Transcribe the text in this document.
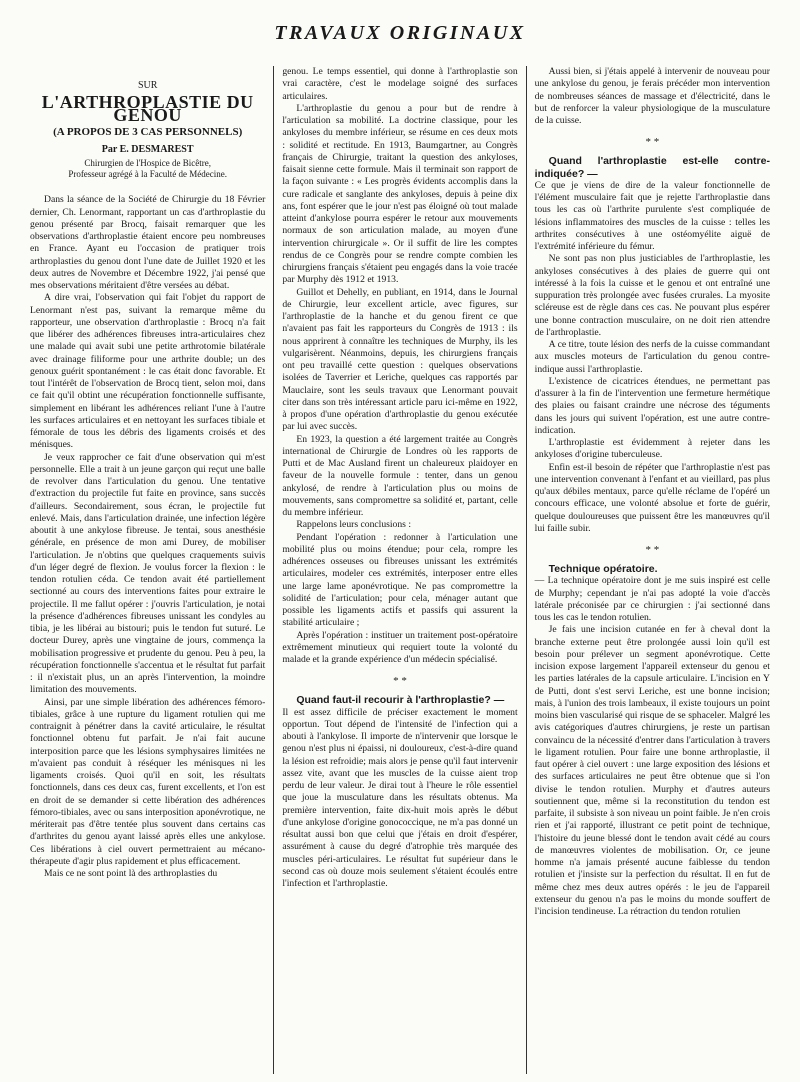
TRAVAUX ORIGINAUX
SUR
L'ARTHROPLASTIE DU GENOU
(A PROPOS DE 3 CAS PERSONNELS)
Par E. DESMAREST
Chirurgien de l'Hospice de Bicêtre,
Professeur agrégé à la Faculté de Médecine.

Dans la séance de la Société de Chirurgie du 18 Février dernier, Ch. Lenormant, rapportant un cas d'arthroplastie du genou présenté par Brocq, faisait remarquer que les observations d'arthroplastie étaient encore peu nombreuses en France. Ayant eu l'occasion de pratiquer trois arthroplasties du genou dont l'une date de Juillet 1920 et les deux autres de Novembre et Décembre 1922, j'ai pensé que mes observations méritaient d'être versées au débat.

A dire vrai, l'observation qui fait l'objet du rapport de Lenormant n'est pas, suivant la remarque même du rapporteur, une observation d'arthroplastie : Brocq n'a fait que libérer des adhérences fibreuses intra-articulaires chez une malade qui avait subi une petite arthrotomie bilatérale avec drainage filiforme pour une arthrite double; un des genoux guérit spontanément : le cas était donc favorable. Et tout l'intérêt de l'observation de Brocq tient, selon moi, dans ce fait qu'il obtint une récupération fonctionnelle suffisante, simplement en libérant les adhérences reliant l'une à l'autre les surfaces articulaires et en nettoyant les surfaces tibiale et fémorale de tous les débris des ligaments croisés et des ménisques.

Je veux rapprocher ce fait d'une observation qui m'est personnelle. Elle a trait à un jeune garçon qui reçut une balle de revolver dans l'articulation du genou. Une tentative d'extraction du projectile fut faite en province, sans succès d'ailleurs. Secondairement, sous écran, le projectile fut enlevé. Mais, dans l'articulation drainée, une infection légère aboutit à une ankylose fibreuse. Je tentai, sous anesthésie générale, en présence de mon ami Durey, de mobiliser l'articulation. Je n'obtins que quelques craquements suivis d'un léger degré de flexion. Je voulus forcer la flexion : le tendon rotulien céda. Ce tendon avait été partiellement sectionné au cours des interventions faites pour extraire le projectile. Il me fallut opérer : j'ouvris l'articulation, je notai la présence d'adhérences fibreuses unissant les condyles au tibia, je les libérai au bistouri; puis le tendon fut suturé. Le docteur Durey, après une vingtaine de jours, commença la mobilisation progressive et prudente du genou. Peu à peu, la récupération fonctionnelle s'accentua et le résultat fut parfait : il n'existait plus, un an après l'intervention, la moindre limitation des mouvements.

Ainsi, par une simple libération des adhérences fémoro-tibiales, grâce à une rupture du ligament rotulien qui me contraignit à pénétrer dans la cavité articulaire, le résultat fonctionnel obtenu fut parfait. Je n'ai fait aucune interposition parce que les lésions symphysaires limitées ne m'avaient pas conduit à réséquer les ménisques ni les ligaments croisés. Quoi qu'il en soit, les résultats fonctionnels, dans ces deux cas, furent excellents, et l'on est en droit de se demander si cette libération des adhérences fémoro-tibiales, avec ou sans interposition aponévrotique, ne mériterait pas d'être tentée plus souvent dans certains cas d'arthrites du genou ayant laissé après elles une ankylose. Ces libérations à ciel ouvert permettraient au mécano-thérapeute d'agir plus rapidement et plus efficacement.

Mais ce ne sont point là des arthroplasties du

genou. Le temps essentiel, qui donne à l'arthroplastie son vrai caractère, c'est le modelage soigné des surfaces articulaires.

L'arthroplastie du genou a pour but de rendre à l'articulation sa mobilité. La doctrine classique, pour les ankyloses du membre inférieur, se résume en ces deux mots : solidité et rectitude. En 1913, Baumgartner, au Congrès français de Chirurgie, traitant la question des ankyloses, faisait sienne cette formule. Mais il terminait son rapport de la façon suivante : « Les progrès évidents accomplis dans la cure radicale et sanglante des ankyloses, depuis à peine dix ans, font espérer que le jour n'est pas éloigné où tout malade atteint d'ankylose pourra espérer le retour aux mouvements normaux de son articulation malade, au moyen d'une intervention chirurgicale ». Or il suffit de lire les comptes rendus de ce Congrès pour se rendre compte combien les chirurgiens français s'étaient peu engagés dans la voie tracée par Murphy dès 1912 et 1913.

Guillot et Dehelly, en publiant, en 1914, dans le Journal de Chirurgie, leur excellent article, avec figures, sur l'arthroplastie de la hanche et du genou firent ce que n'avaient pas fait les rapporteurs du Congrès de 1913 : ils nous apprirent à connaître les techniques de Murphy, ils les vulgarisèrent. Néanmoins, depuis, les chirurgiens français ont peu travaillé cette question : quelques observations isolées de Taverrier et Leriche, quelques cas rapportés par Mauclaire, sont les seuls travaux que Lenormant pouvait citer dans son très intéressant article paru ici-même en 1922, à propos d'une opération d'arthroplastie du genou exécutée par lui avec succès.

En 1923, la question a été largement traitée au Congrès international de Chirurgie de Londres où les rapports de Putti et de Mac Ausland firent un chaleureux plaidoyer en faveur de la nouvelle formule : tenter, dans un genou ankylosé, de rendre à l'articulation plus ou moins de mouvements, sans compromettre sa solidité et, partant, celle du membre inférieur.

Rappelons leurs conclusions :

Pendant l'opération : redonner à l'articulation une mobilité plus ou moins étendue; pour cela, rompre les adhérences osseuses ou fibreuses unissant les extrémités articulaires, modeler ces extrémités, interposer entre elles une large lame aponévrotique. Ne pas compromettre la solidité de l'articulation; pour cela, ménager autant que possible les ligaments actifs et passifs qui assurent la stabilité articulaire ;

Après l'opération : instituer un traitement post-opératoire extrêmement minutieux qui requiert toute la volonté du malade et la grande expérience d'un médecin spécialisé.

* *

Quand faut-il recourir à l'arthroplastie? —

Il est assez difficile de préciser exactement le moment opportun. Tout dépend de l'intensité de l'infection qui a abouti à l'ankylose. Il importe de n'intervenir que lorsque le genou n'est plus ni épaissi, ni douloureux, c'est-à-dire quand la lésion est refroidie; mais alors je pense qu'il faut intervenir assez vite, avant que les muscles de la cuisse aient trop perdu de leur valeur. Je dirai tout à l'heure le rôle essentiel que joue la musculature dans les résultats obtenus. Ma première intervention, faite dix-huit mois après le début d'une ankylose d'origine gonococcique, ne m'a pas donné un résultat aussi bon que celui que j'étais en droit d'espérer, assurément à cause du degré d'atrophie très marquée des muscles péri-articulaires. Le résultat fut supérieur dans le second cas où douze mois seulement s'étaient écoulés entre l'infection et l'arthroplastie.

Aussi bien, si j'étais appelé à intervenir de nouveau pour une ankylose du genou, je ferais précéder mon intervention de nombreuses séances de massage et d'électricité, dans le but de renforcer la valeur physiologique de la musculature de la cuisse.

* *

Quand l'arthroplastie est-elle contre-indiquée? —

Ce que je viens de dire de la valeur fonctionnelle de l'élément musculaire fait que je rejette l'arthroplastie dans tous les cas où l'arthrite purulente s'est compliquée de lésions inflammatoires des muscles de la cuisse : telles les arthrites consécutives à une ostéomyélite aiguë de l'extrémité inférieure du fémur.

Ne sont pas non plus justiciables de l'arthroplastie, les ankyloses consécutives à des plaies de guerre qui ont intéressé à la fois la cuisse et le genou et ont entraîné une suppuration très prolongée avec fusées crurales. La myosite scléreuse est de règle dans ces cas. Ne pouvant plus espérer une bonne contraction musculaire, on ne doit rien attendre de l'arthroplastie.

A ce titre, toute lésion des nerfs de la cuisse commandant aux muscles moteurs de l'articulation du genou contre-indique aussi l'arthroplastie.

L'existence de cicatrices étendues, ne permettant pas d'assurer à la fin de l'intervention une fermeture hermétique des plaies ou faisant craindre une nécrose des téguments dans les jours qui suivent l'opération, est une autre contre-indication.

L'arthroplastie est évidemment à rejeter dans les ankyloses d'origine tuberculeuse.

Enfin est-il besoin de répéter que l'arthroplastie n'est pas une intervention convenant à l'enfant et au vieillard, pas plus qu'aux débiles mentaux, parce qu'elle réclame de l'opéré un concours efficace, une volonté absolue et forte de guérir, quelque douloureuses que puissent être les manœuvres qu'il lui faille subir.

* *

Technique opératoire.

— La technique opératoire dont je me suis inspiré est celle de Murphy; cependant je n'ai pas adopté la voie d'accès latérale préconisée par ce chirurgien : j'ai sectionné dans tous les cas le tendon rotulien.

Je fais une incision cutanée en fer à cheval dont la branche externe peut être prolongée aussi loin qu'il est besoin pour prélever un segment aponévrotique. Cette incision expose largement l'appareil extenseur du genou et les parties latérales de la capsule articulaire. L'incision en Y de Putti, dont s'est servi Leriche, est une bonne incision; mais, à l'union des trois lambeaux, il existe toujours un point moins bien vascularisé qui risque de se sphaceler. Malgré les avis catégoriques d'autres chirurgiens, je reste un partisan convaincu de la nécessité d'entrer dans l'articulation à travers le ligament rotulien. Pour faire une bonne arthroplastie, il faut opérer à ciel ouvert : une large exposition des lésions et des surfaces articulaires ne peut être obtenue que si l'on divise le tendon rotulien. Murphy et d'autres auteurs soutiennent que, même si la reconstitution du tendon est parfaite, il subsiste à son niveau un point faible. Je n'en crois rien et j'ai rapporté, illustrant ce petit point de technique, l'histoire du jeune blessé dont le tendon avait cédé au cours de manœuvres violentes de mobilisation. Or, ce jeune homme n'a jamais présenté aucune faiblesse du tendon rotulien et j'insiste sur la perfection du résultat. Il en fut de même chez mes deux autres opérés : le jeu de l'appareil extenseur du genou n'a pas le moins du monde souffert de l'incision tendineuse. La rétraction du tendon rotulien
